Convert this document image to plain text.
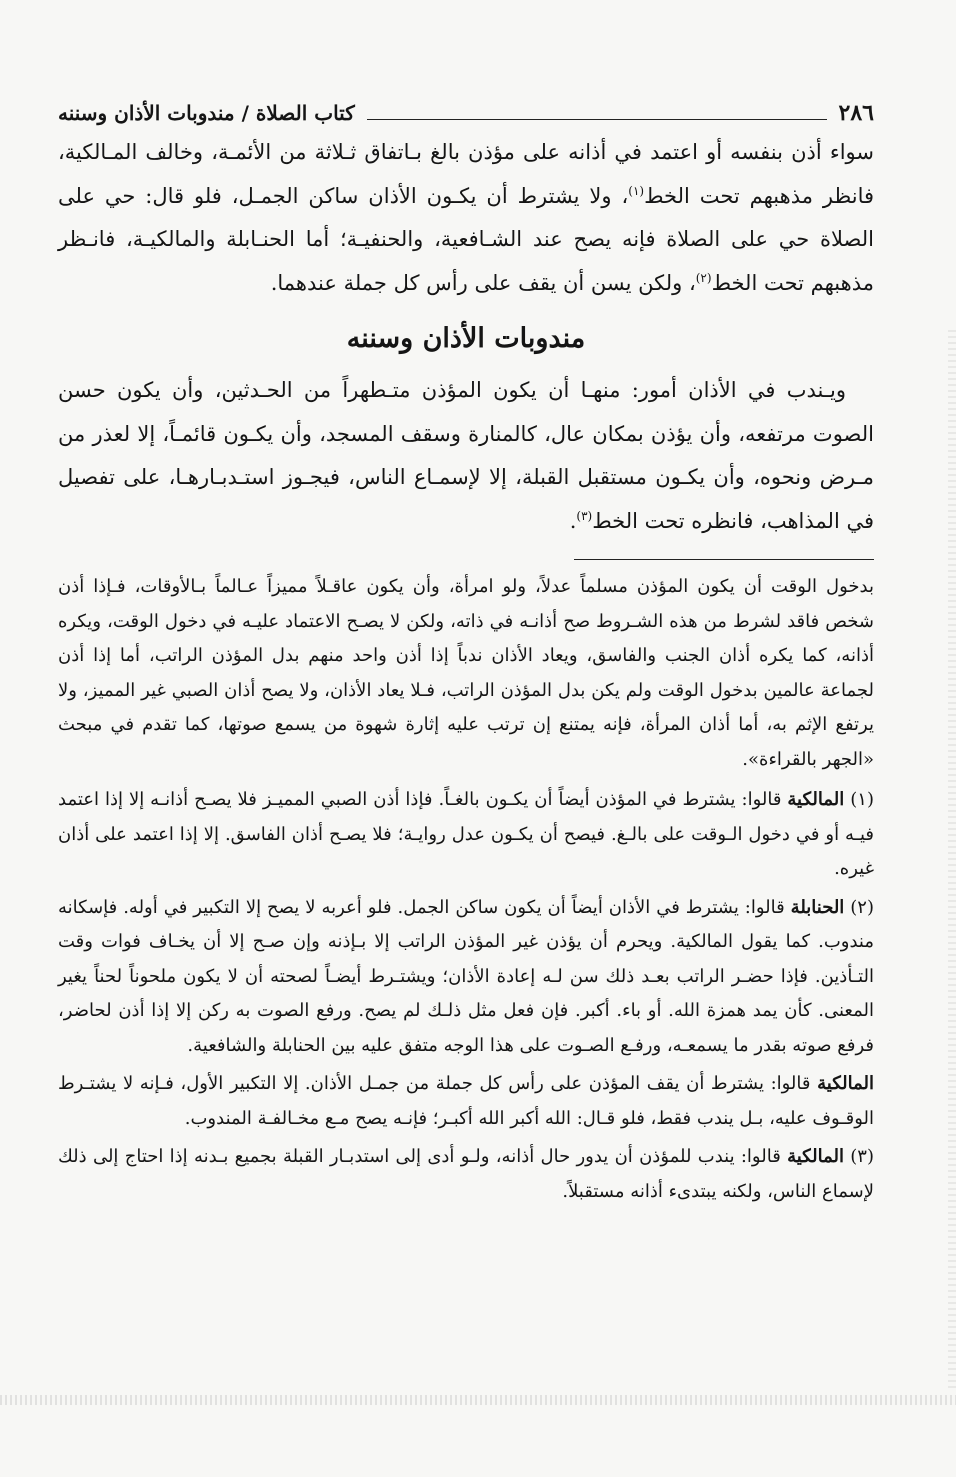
٢٨٦
كتاب الصلاة / مندوبات الأذان وسننه

سواء أذن بنفسه أو اعتمد في أذانه على مؤذن بالغ بـاتفاق ثـلاثة من الأئمـة، وخالف المـالكية، فانظر مذهبهم تحت الخط$^{(١)}$، ولا يشترط أن يكـون الأذان ساكن الجمـل، فلو قال: حي على الصلاة حي على الصلاة فإنه يصح عند الشـافعية، والحنفيـة؛ أما الحنـابلة والمالكيـة، فانـظر مذهبهم تحت الخط$^{(٢)}$، ولكن يسن أن يقف على رأس كل جملة عندهما.

مندوبات الأذان وسننه

ويـندب في الأذان أمور: منهـا أن يكون المؤذن متـطهراً من الحـدثين، وأن يكون حسن الصوت مرتفعه، وأن يؤذن بمكان عال، كالمنارة وسقف المسجد، وأن يكـون قائمـاً، إلا لعذر من مـرض ونحوه، وأن يكـون مستقبل القبلة، إلا لإسمـاع الناس، فيجـوز استـدبـارهـا، على تفصيل في المذاهب، فانظره تحت الخط$^{(٣)}$.

بدخول الوقت أن يكون المؤذن مسلماً عدلاً، ولو امرأة، وأن يكون عاقـلاً مميزاً عـالماً بـالأوقات، فـإذا أذن شخص فاقد لشرط من هذه الشـروط صح أذانـه في ذاته، ولكن لا يصـح الاعتماد عليـه في دخول الوقت، ويكره أذانه، كما يكره أذان الجنب والفاسق، ويعاد الأذان ندباً إذا أذن واحد منهم بدل المؤذن الراتب، أما إذا أذن لجماعة عالمين بدخول الوقت ولم يكن بدل المؤذن الراتب، فـلا يعاد الأذان، ولا يصح أذان الصبي غير المميز، ولا يرتفع الإثم به، أما أذان المرأة، فإنه يمتنع إن ترتب عليه إثارة شهوة من يسمع صوتها، كما تقدم في مبحث «الجهر بالقراءة».

(١) المالكية قالوا: يشترط في المؤذن أيضاً أن يكـون بالغـاً. فإذا أذن الصبي المميـز فلا يصـح أذانـه إلا إذا اعتمد فيـه أو في دخول الـوقت على بالـغ. فيصح أن يكـون عدل روايـة؛ فلا يصـح أذان الفاسق. إلا إذا اعتمد على أذان غيره.

(٢) الحنابلة قالوا: يشترط في الأذان أيضاً أن يكون ساكن الجمل. فلو أعربه لا يصح إلا التكبير في أوله. فإسكانه مندوب. كما يقول المالكية. ويحرم أن يؤذن غير المؤذن الراتب إلا بـإذنه وإن صـح إلا أن يخـاف فوات وقت التـأذين. فإذا حضـر الراتب بعـد ذلك سن لـه إعادة الأذان؛ ويشتـرط أيضـاً لصحته أن لا يكون ملحوناً لحناً يغير المعنى. كأن يمد همزة الله. أو باء. أكبر. فإن فعل مثل ذلـك لم يصح. ورفع الصوت به ركن إلا إذا أذن لحاضر، فرفع صوته بقدر ما يسمعـه، ورفـع الصـوت على هذا الوجه متفق عليه بين الحنابلة والشافعية.

المالكية قالوا: يشترط أن يقف المؤذن على رأس كل جملة من جمـل الأذان. إلا التكبير الأول، فـإنه لا يشتـرط الوقـوف عليه، بـل يندب فقط، فلو قـال: الله أكبر الله أكبـر؛ فإنـه يصح مـع مخـالفـة المندوب.

(٣) المالكية قالوا: يندب للمؤذن أن يدور حال أذانه، ولـو أدى إلى استدبـار القبلة بجميع بـدنه إذا احتاج إلى ذلك لإسماع الناس، ولكنه يبتدىء أذانه مستقبلاً.
